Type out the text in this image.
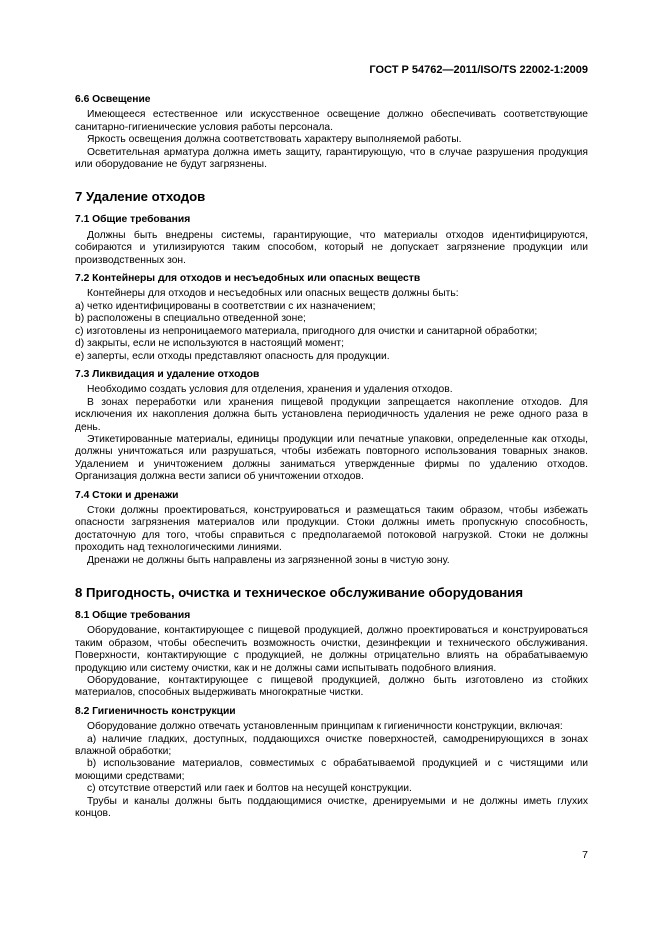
ГОСТ Р 54762—2011/ISO/TS 22002-1:2009
6.6 Освещение
Имеющееся естественное или искусственное освещение должно обеспечивать соответствующие санитарно-гигиенические условия работы персонала.
Яркость освещения должна соответствовать характеру выполняемой работы.
Осветительная арматура должна иметь защиту, гарантирующую, что в случае разрушения продукция или оборудование не будут загрязнены.
7 Удаление отходов
7.1 Общие требования
Должны быть внедрены системы, гарантирующие, что материалы отходов идентифицируются, собираются и утилизируются таким способом, который не допускает загрязнение продукции или производственных зон.
7.2 Контейнеры для отходов и несъедобных или опасных веществ
Контейнеры для отходов и несъедобных или опасных веществ должны быть:
а) четко идентифицированы в соответствии с их назначением;
b) расположены в специально отведенной зоне;
с) изготовлены из непроницаемого материала, пригодного для очистки и санитарной обработки;
d) закрыты, если не используются в настоящий момент;
е) заперты, если отходы представляют опасность для продукции.
7.3 Ликвидация и удаление отходов
Необходимо создать условия для отделения, хранения и удаления отходов.
В зонах переработки или хранения пищевой продукции запрещается накопление отходов. Для исключения их накопления должна быть установлена периодичность удаления не реже одного раза в день.
Этикетированные материалы, единицы продукции или печатные упаковки, определенные как отходы, должны уничтожаться или разрушаться, чтобы избежать повторного использования товарных знаков. Удалением и уничтожением должны заниматься утвержденные фирмы по удалению отходов. Организация должна вести записи об уничтожении отходов.
7.4 Стоки и дренажи
Стоки должны проектироваться, конструироваться и размещаться таким образом, чтобы избежать опасности загрязнения материалов или продукции. Стоки должны иметь пропускную способность, достаточную для того, чтобы справиться с предполагаемой потоковой нагрузкой. Стоки не должны проходить над технологическими линиями.
Дренажи не должны быть направлены из загрязненной зоны в чистую зону.
8 Пригодность, очистка и техническое обслуживание оборудования
8.1 Общие требования
Оборудование, контактирующее с пищевой продукцией, должно проектироваться и конструироваться таким образом, чтобы обеспечить возможность очистки, дезинфекции и технического обслуживания. Поверхности, контактирующие с продукцией, не должны отрицательно влиять на обрабатываемую продукцию или систему очистки, как и не должны сами испытывать подобного влияния.
Оборудование, контактирующее с пищевой продукцией, должно быть изготовлено из стойких материалов, способных выдерживать многократные чистки.
8.2 Гигиеничность конструкции
Оборудование должно отвечать установленным принципам к гигиеничности конструкции, включая:
а) наличие гладких, доступных, поддающихся очистке поверхностей, самодренирующихся в зонах влажной обработки;
b) использование материалов, совместимых с обрабатываемой продукцией и с чистящими или моющими средствами;
с) отсутствие отверстий или гаек и болтов на несущей конструкции.
Трубы и каналы должны быть поддающимися очистке, дренируемыми и не должны иметь глухих концов.
7
